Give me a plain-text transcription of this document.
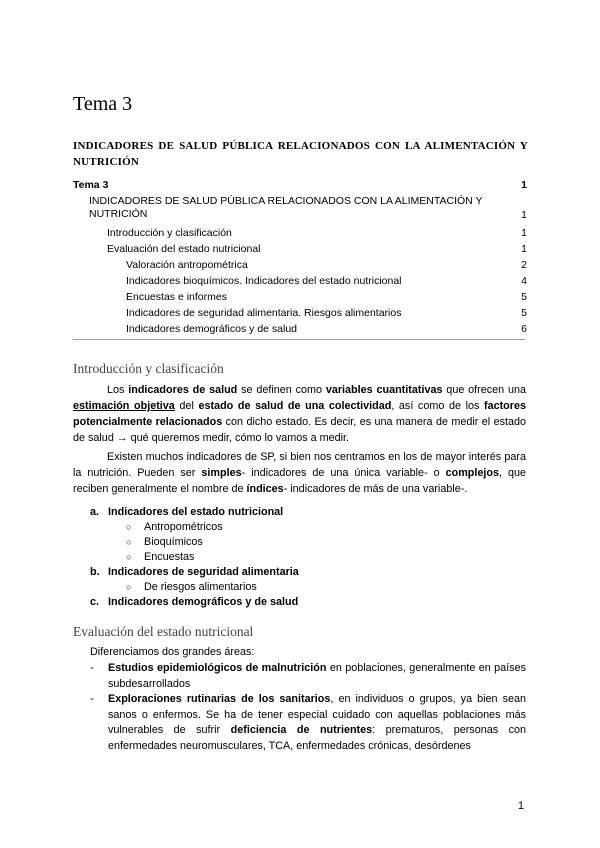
Tema 3
INDICADORES DE SALUD PÚBLICA RELACIONADOS CON LA ALIMENTACIÓN Y NUTRICIÓN
Tema 3	1
INDICADORES DE SALUD PÚBLICA RELACIONADOS CON LA ALIMENTACIÓN Y NUTRICIÓN	1
Introducción y clasificación	1
Evaluación del estado nutricional	1
Valoración antropométrica	2
Indicadores bioquímicos. Indicadores del estado nutricional	4
Encuestas e informes	5
Indicadores de seguridad alimentaria. Riesgos alimentarios	5
Indicadores demográficos y de salud	6
Introducción y clasificación
Los indicadores de salud se definen como variables cuantitativas que ofrecen una estimación objetiva del estado de salud de una colectividad, así como de los factores potencialmente relacionados con dicho estado. Es decir, es una manera de medir el estado de salud → qué queremos medir, cómo lo vamos a medir.
Existen muchos indicadores de SP, si bien nos centramos en los de mayor interés para la nutrición. Pueden ser simples- indicadores de una única variable- o complejos, que reciben generalmente el nombre de índices- indicadores de más de una variable-.
a. Indicadores del estado nutricional
○ Antropométricos
○ Bioquímicos
○ Encuestas
b. Indicadores de seguridad alimentaria
○ De riesgos alimentarios
c. Indicadores demográficos y de salud
Evaluación del estado nutricional
Diferenciamos dos grandes áreas:
- Estudios epidemiológicos de malnutrición en poblaciones, generalmente en países subdesarrollados
- Exploraciones rutinarias de los sanitarios, en individuos o grupos, ya bien sean sanos o enfermos. Se ha de tener especial cuidado con aquellas poblaciones más vulnerables de sufrir deficiencia de nutrientes: prematuros, personas con enfermedades neuromusculares, TCA, enfermedades crónicas, desórdenes
1
